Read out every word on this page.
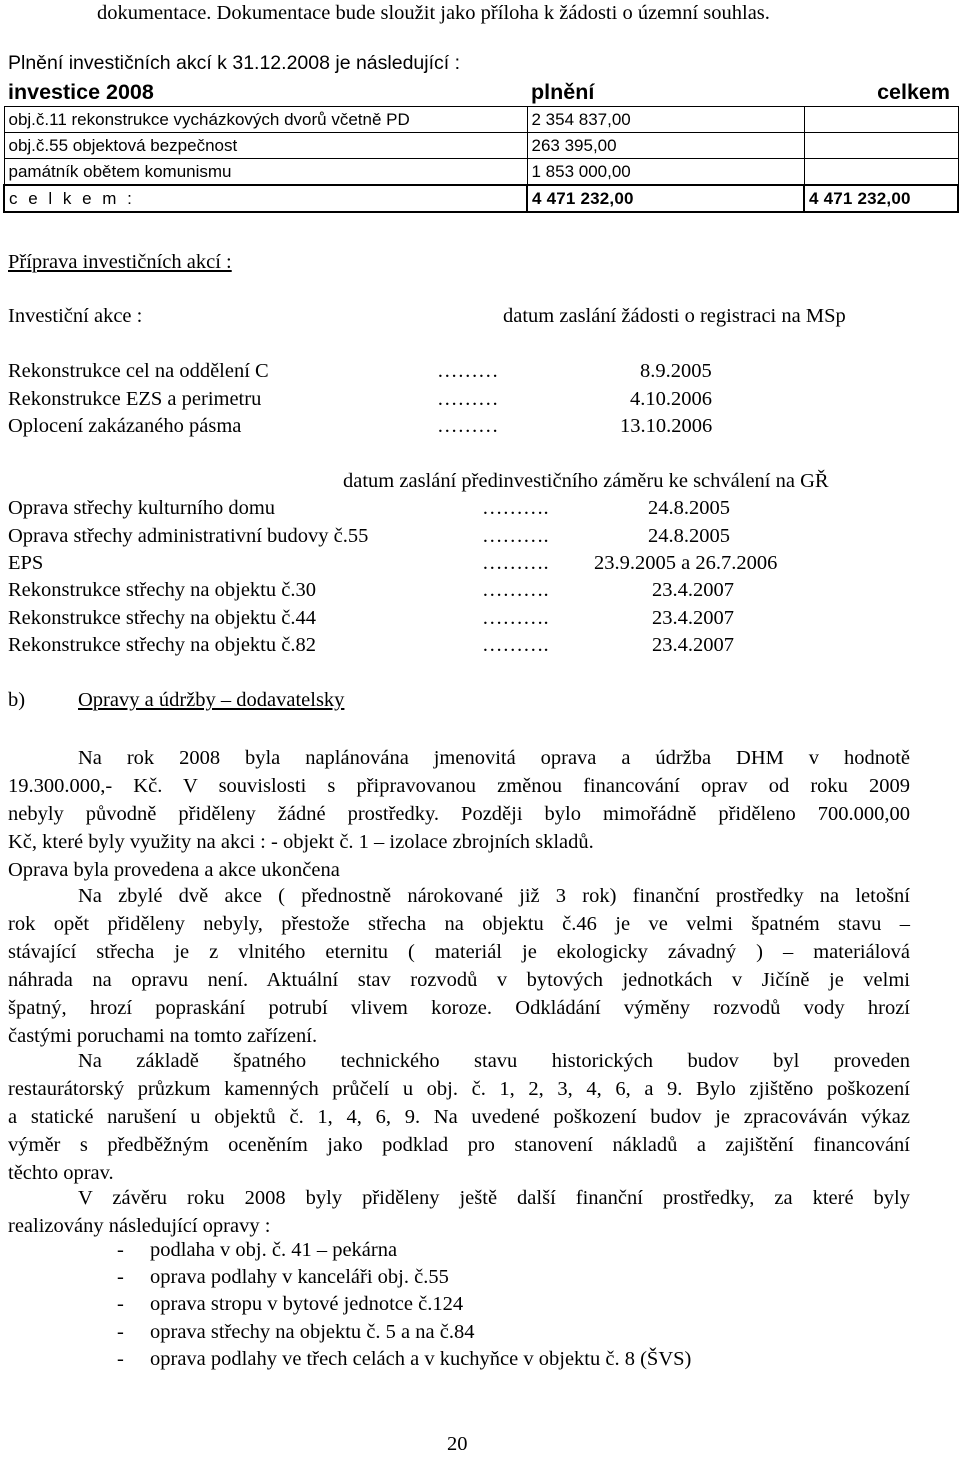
dokumentace. Dokumentace bude sloužit jako příloha k žádosti o územní souhlas.
Plnění investičních akcí k 31.12.2008 je následující :
investice 2008	plnění	celkem
obj.č.11 rekonstrukce vycházkových dvorů včetně PD	2 354 837,00	
obj.č.55 objektová bezpečnost	263 395,00	
památník obětem komunismu	1 853 000,00	
c e l k e m :	4 471 232,00	4 471 232,00
Příprava investičních akcí :
Investiční akce :	datum zaslání žádosti o registraci na MSp
Rekonstrukce cel na oddělení C	………	8.9.2005
Rekonstrukce EZS a perimetru	………	4.10.2006
Oplocení zakázaného pásma	………	13.10.2006
datum zaslání předinvestičního záměru ke schválení na GŘ
Oprava střechy kulturního domu	……….	24.8.2005
Oprava střechy administrativní budovy č.55	……….	24.8.2005
EPS	………. 23.9.2005 a 26.7.2006
Rekonstrukce střechy na objektu č.30	……….	23.4.2007
Rekonstrukce střechy na objektu č.44	……….	23.4.2007
Rekonstrukce střechy na objektu č.82	……….	23.4.2007
b)	Opravy a údržby – dodavatelsky
Na rok 2008 byla naplánována jmenovitá oprava a údržba DHM v hodnotě
19.300.000,- Kč. V souvislosti s připravovanou změnou financování oprav od roku 2009
nebyly původně přiděleny žádné prostředky. Později bylo mimořádně přiděleno 700.000,00
Kč, které byly využity na akci : - objekt č. 1 – izolace zbrojních skladů.
Oprava byla provedena a akce ukončena
Na zbylé dvě akce ( přednostně nárokované již 3 rok) finanční prostředky na letošní
rok opět přiděleny nebyly, přestože střecha na objektu č.46 je ve velmi špatném stavu –
stávající střecha je z vlnitého eternitu ( materiál je ekologicky závadný ) – materiálová
náhrada na opravu není. Aktuální stav rozvodů v bytových jednotkách v Jičíně je velmi
špatný, hrozí popraskání potrubí vlivem koroze. Odkládání výměny rozvodů vody hrozí
častými poruchami na tomto zařízení.
Na základě špatného technického stavu historických budov byl proveden
restaurátorský průzkum kamenných průčelí u obj. č. 1, 2, 3, 4, 6, a 9. Bylo zjištěno poškození
a statické narušení u objektů č. 1, 4, 6, 9. Na uvedené poškození budov je zpracováván výkaz
výměr s předběžným oceněním jako podklad pro stanovení nákladů a zajištění financování
těchto oprav.
V závěru roku 2008 byly přiděleny ještě další finanční prostředky, za které byly
realizovány následující opravy :
- podlaha v obj. č. 41 – pekárna
- oprava podlahy v kanceláři obj. č.55
- oprava stropu v bytové jednotce č.124
- oprava střechy na objektu č. 5 a na č.84
- oprava podlahy ve třech celách a v kuchyňce v objektu č. 8 (ŠVS)
20
